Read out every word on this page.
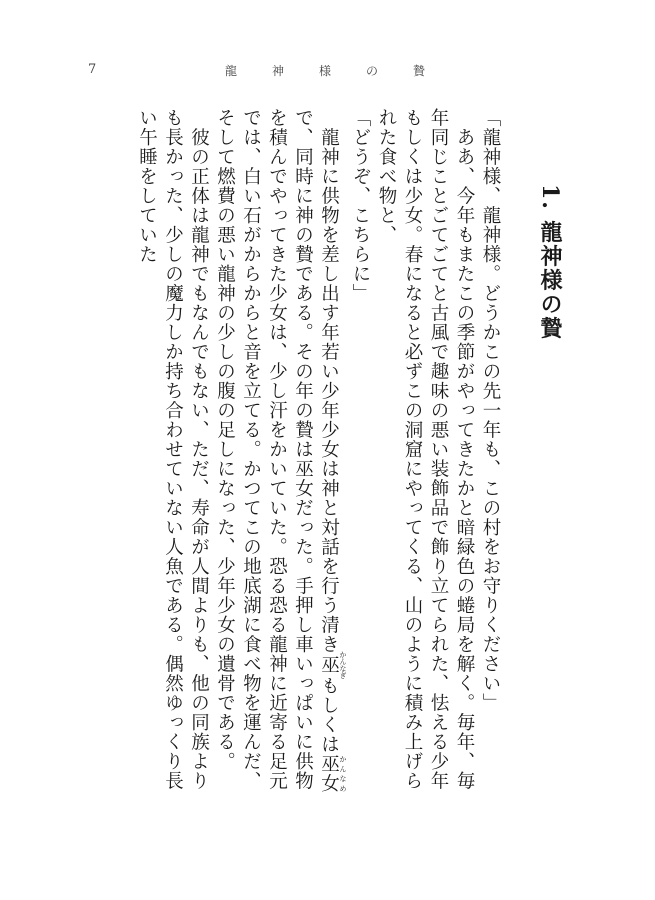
7	龍神様の贄

1. 龍神様の贄

「龍神様、龍神様。どうかこの先一年も、この村をお守りください」

　ああ、今年もまたこの季節がやってきたかと暗緑色の蜷局を解く。毎年、毎年同じことごてごてと古風で趣味の悪い装飾品で飾り立てられた、怯える少年もしくは少女。春になると必ずこの洞窟にやってくる、山のように積み上げられた食べ物と、

「どうぞ、こちらに」

　龍神に供物を差し出す年若い少年少女は神と対話を行う清き巫 かんなぎもしくは巫女 かんなめで、同時に神の贄である。その年の贄は巫女だった。手押し車いっぱいに供物を積んでやってきた少女は、少し汗をかいていた。恐る恐る龍神に近寄る足元では、白い石がからからと音を立てる。かつてこの地底湖に食べ物を運んだ、そして燃費の悪い龍神の少しの腹の足しになった、少年少女の遺骨である。

　彼の正体は龍神でもなんでもない、ただ、寿命が人間よりも、他の同族よりも長かった、少しの魔力しか持ち合わせていない人魚である。偶然ゆっくり長い午睡をしていた
